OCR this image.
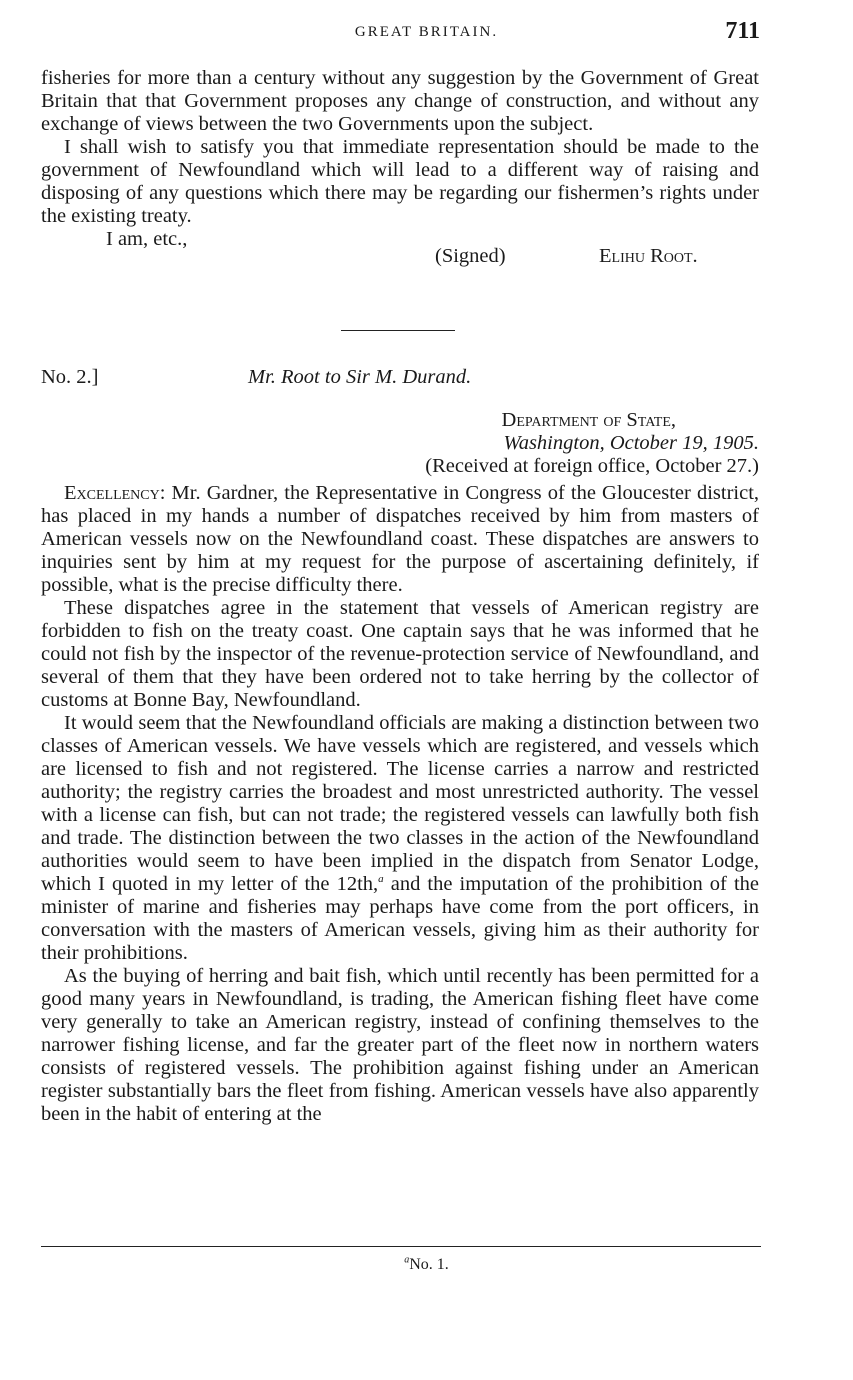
GREAT BRITAIN.	711

fisheries for more than a century without any suggestion by the Government of Great Britain that that Government proposes any change of construction, and without any exchange of views between the two Governments upon the subject.

I shall wish to satisfy you that immediate representation should be made to the government of Newfoundland which will lead to a different way of raising and disposing of any questions which there may be regarding our fishermen’s rights under the existing treaty.

I am, etc.,
(Signed)	Elihu Root.
No. 2.]	Mr. Root to Sir M. Durand.
Department of State,
Washington, October 19, 1905.
(Received at foreign office, October 27.)

Excellency: Mr. Gardner, the Representative in Congress of the Gloucester district, has placed in my hands a number of dispatches received by him from masters of American vessels now on the Newfoundland coast. These dispatches are answers to inquiries sent by him at my request for the purpose of ascertaining definitely, if possible, what is the precise difficulty there.

These dispatches agree in the statement that vessels of American registry are forbidden to fish on the treaty coast. One captain says that he was informed that he could not fish by the inspector of the revenue-protection service of Newfoundland, and several of them that they have been ordered not to take herring by the collector of customs at Bonne Bay, Newfoundland.

It would seem that the Newfoundland officials are making a distinction between two classes of American vessels. We have vessels which are registered, and vessels which are licensed to fish and not registered. The license carries a narrow and restricted authority; the registry carries the broadest and most unrestricted authority. The vessel with a license can fish, but can not trade; the registered vessels can lawfully both fish and trade. The distinction between the two classes in the action of the Newfoundland authorities would seem to have been implied in the dispatch from Senator Lodge, which I quoted in my letter of the 12th,$^a$ and the imputation of the prohibition of the minister of marine and fisheries may perhaps have come from the port officers, in conversation with the masters of American vessels, giving him as their authority for their prohibitions.

As the buying of herring and bait fish, which until recently has been permitted for a good many years in Newfoundland, is trading, the American fishing fleet have come very generally to take an American registry, instead of confining themselves to the narrower fishing license, and far the greater part of the fleet now in northern waters consists of registered vessels. The prohibition against fishing under an American register substantially bars the fleet from fishing. American vessels have also apparently been in the habit of entering at the

$^a$No. 1.
